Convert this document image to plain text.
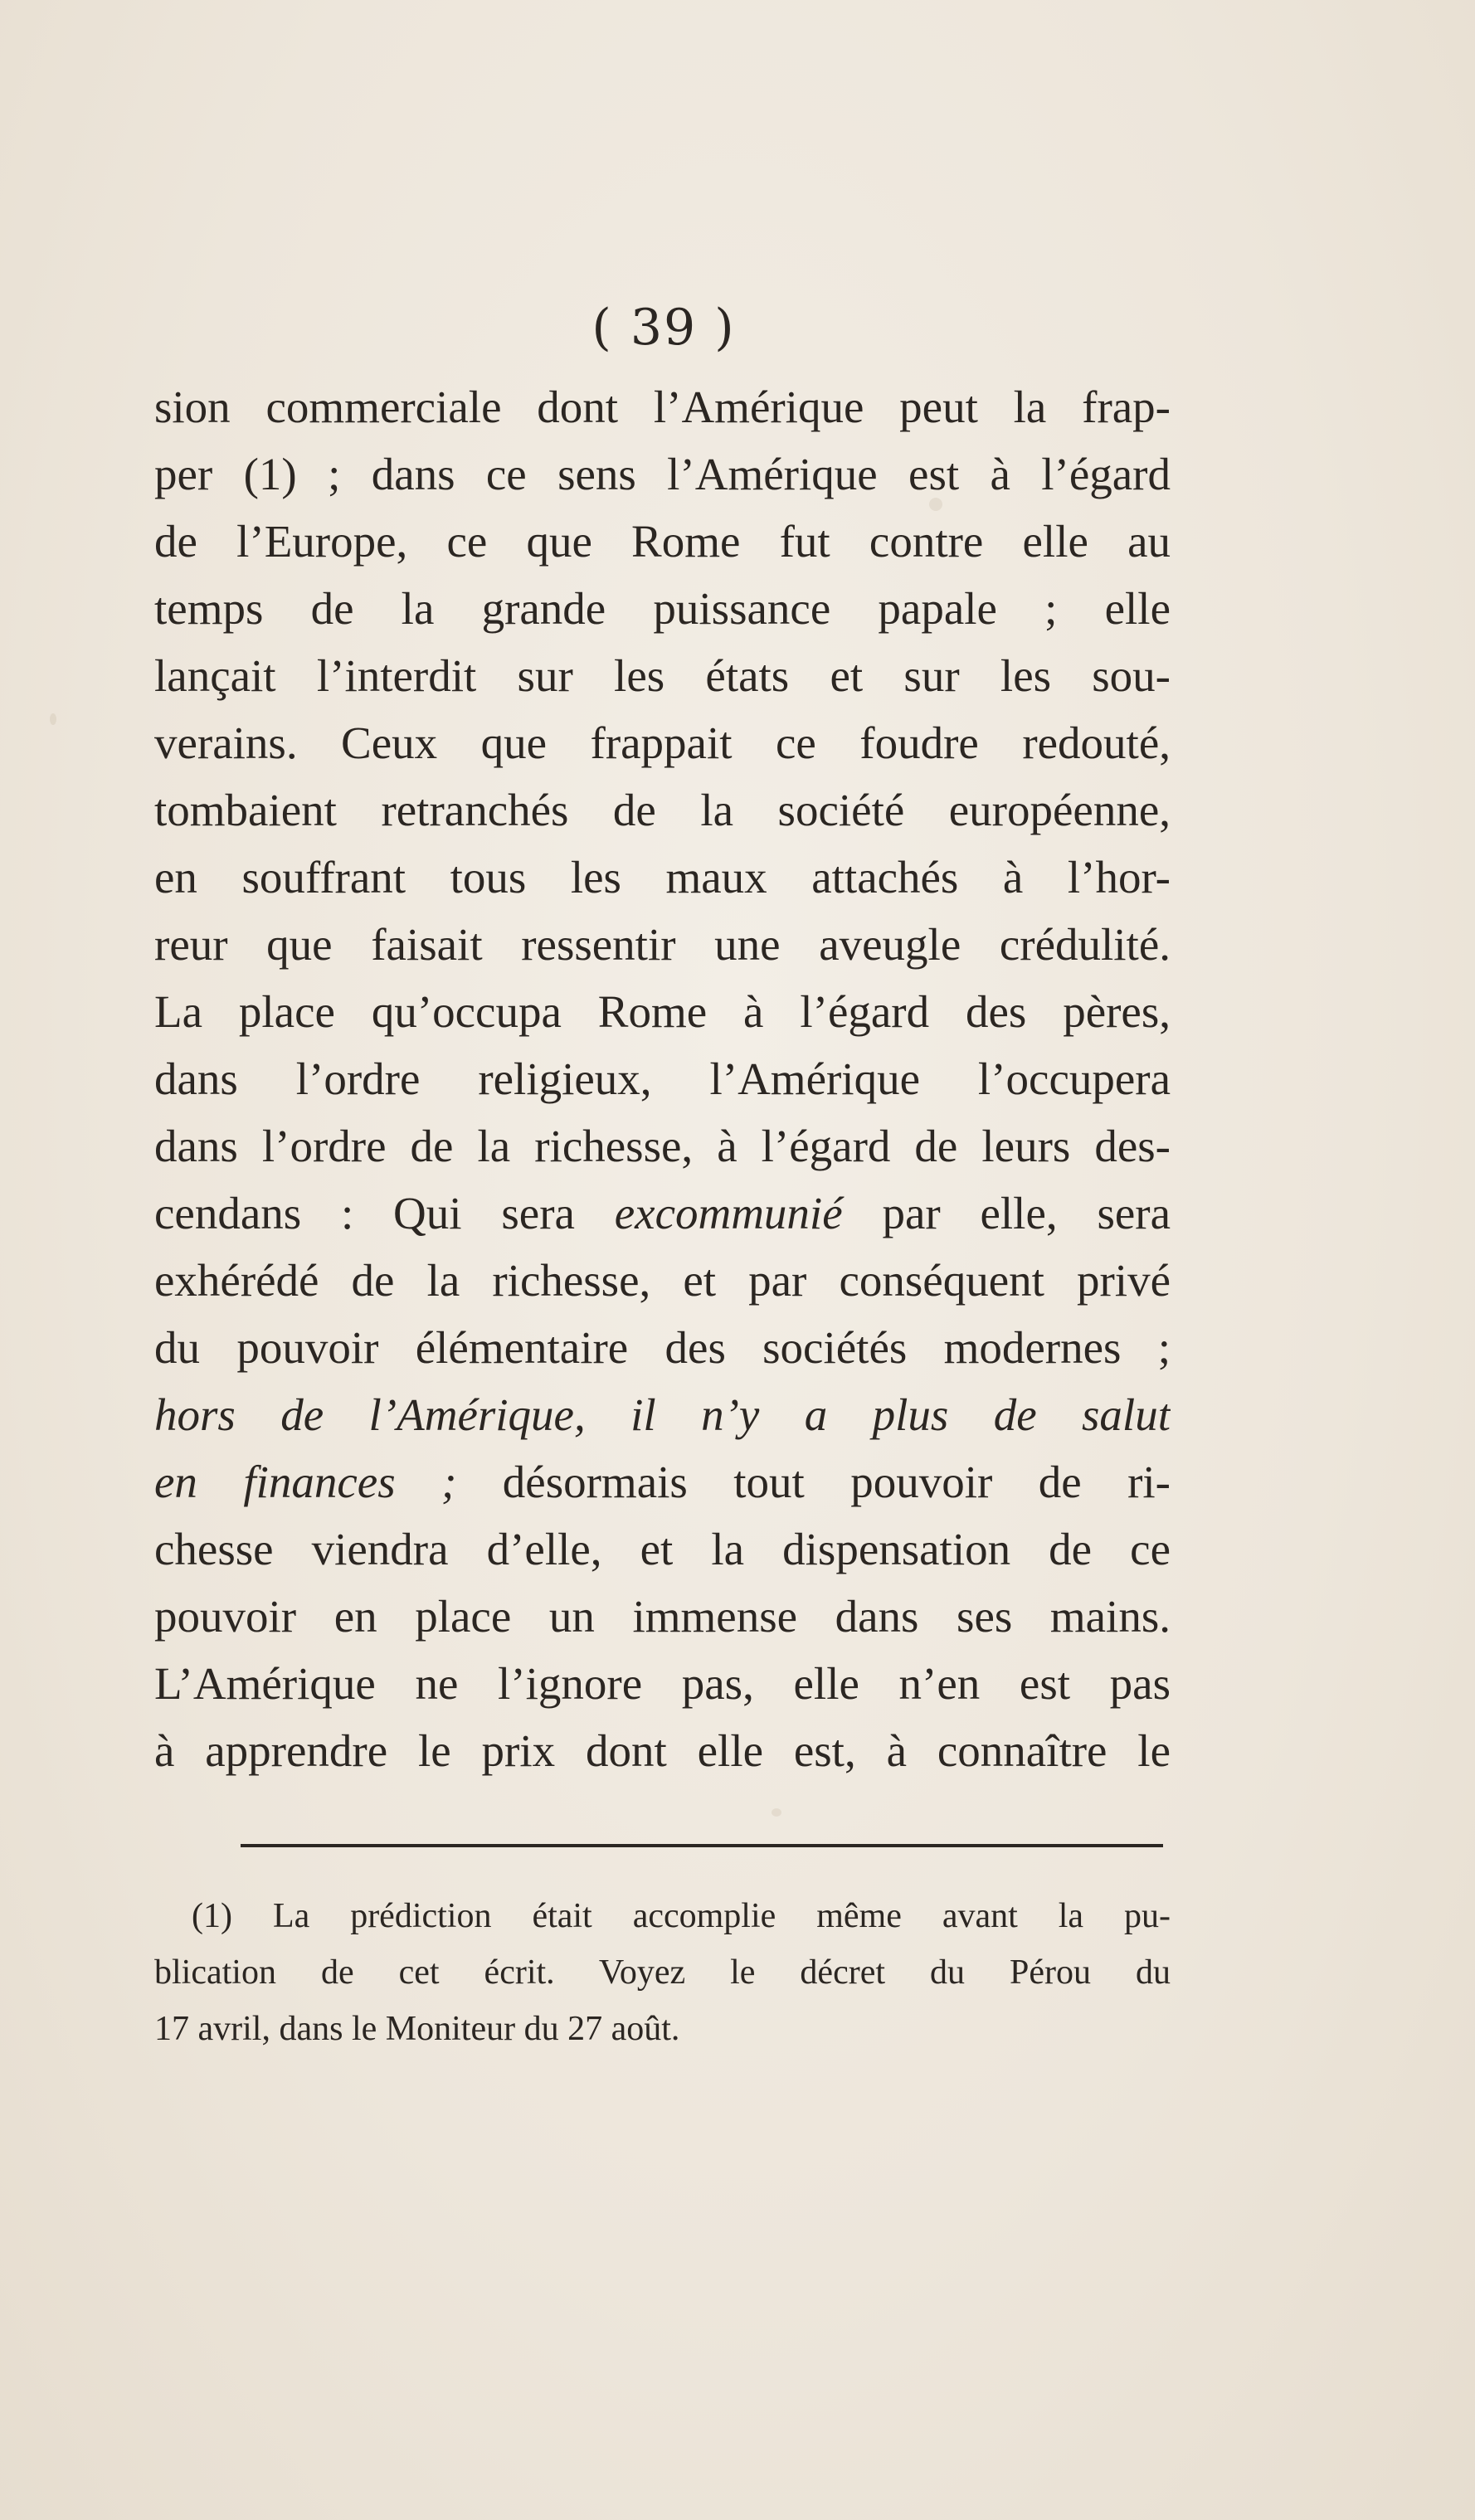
( 39 )
sion commerciale dont l’Amérique peut la frap-
per (1) ; dans ce sens l’Amérique est à l’égard
de l’Europe, ce que Rome fut contre elle au
temps de la grande puissance papale ; elle
lançait l’interdit sur les états et sur les sou-
verains. Ceux que frappait ce foudre redouté,
tombaient retranchés de la société européenne,
en souffrant tous les maux attachés à l’hor-
reur que faisait ressentir une aveugle crédulité.
La place qu’occupa Rome à l’égard des pères,
dans l’ordre religieux, l’Amérique l’occupera
dans l’ordre de la richesse, à l’égard de leurs des-
cendans : Qui sera excommunié par elle, sera
exhérédé de la richesse, et par conséquent privé
du pouvoir élémentaire des sociétés modernes ;
hors de l’Amérique, il n’y a plus de salut
en finances ; désormais tout pouvoir de ri-
chesse viendra d’elle, et la dispensation de ce
pouvoir en place un immense dans ses mains.
L’Amérique ne l’ignore pas, elle n’en est pas
à apprendre le prix dont elle est, à connaître le
(1) La prédiction était accomplie même avant la pu-
blication de cet écrit. Voyez le décret du Pérou du
17 avril, dans le Moniteur du 27 août.
